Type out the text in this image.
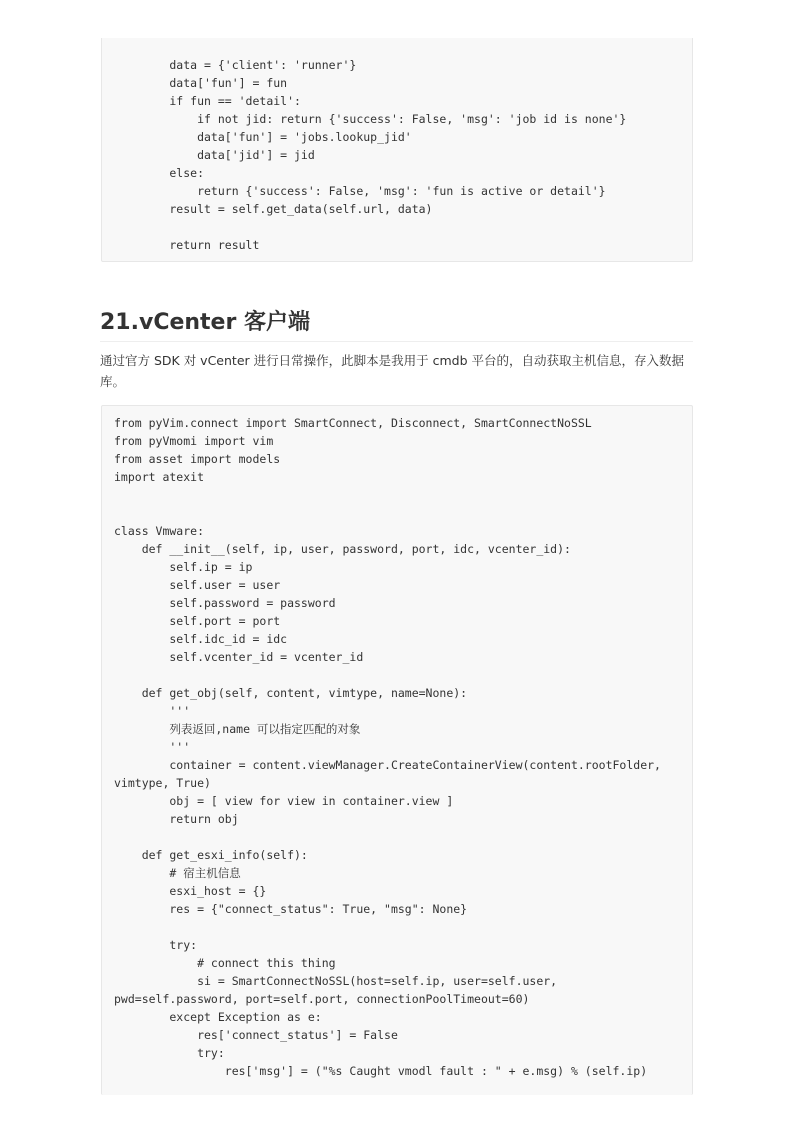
data = {'client': 'runner'}
data['fun'] = fun
if fun == 'detail':
if not jid: return {'success': False, 'msg': 'job id is none'}
data['fun'] = 'jobs.lookup_jid'
data['jid'] = jid
else:
return {'success': False, 'msg': 'fun is active or detail'}
result = self.get_data(self.url, data)
return result
21.vCenter 客户端

通过官方 SDK 对 vCenter 进行日常操作，此脚本是我用于 cmdb 平台的，自动获取主机信息，存入数据库。

from pyVim.connect import SmartConnect, Disconnect, SmartConnectNoSSL
from pyVmomi import vim
from asset import models
import atexit
class Vmware:
def __init__(self, ip, user, password, port, idc, vcenter_id):
self.ip = ip
self.user = user
self.password = password
self.port = port
self.idc_id = idc
self.vcenter_id = vcenter_id
def get_obj(self, content, vimtype, name=None):
'''
列表返回,name 可以指定匹配的对象
'''
container = content.viewManager.CreateContainerView(content.rootFolder,
vimtype, True)
obj = [ view for view in container.view ]
return obj
def get_esxi_info(self):
# 宿主机信息
esxi_host = {}
res = {"connect_status": True, "msg": None}
try:
# connect this thing
si = SmartConnectNoSSL(host=self.ip, user=self.user,
pwd=self.password, port=self.port, connectionPoolTimeout=60)
except Exception as e:
res['connect_status'] = False
try:
res['msg'] = ("%s Caught vmodl fault : " + e.msg) % (self.ip)
